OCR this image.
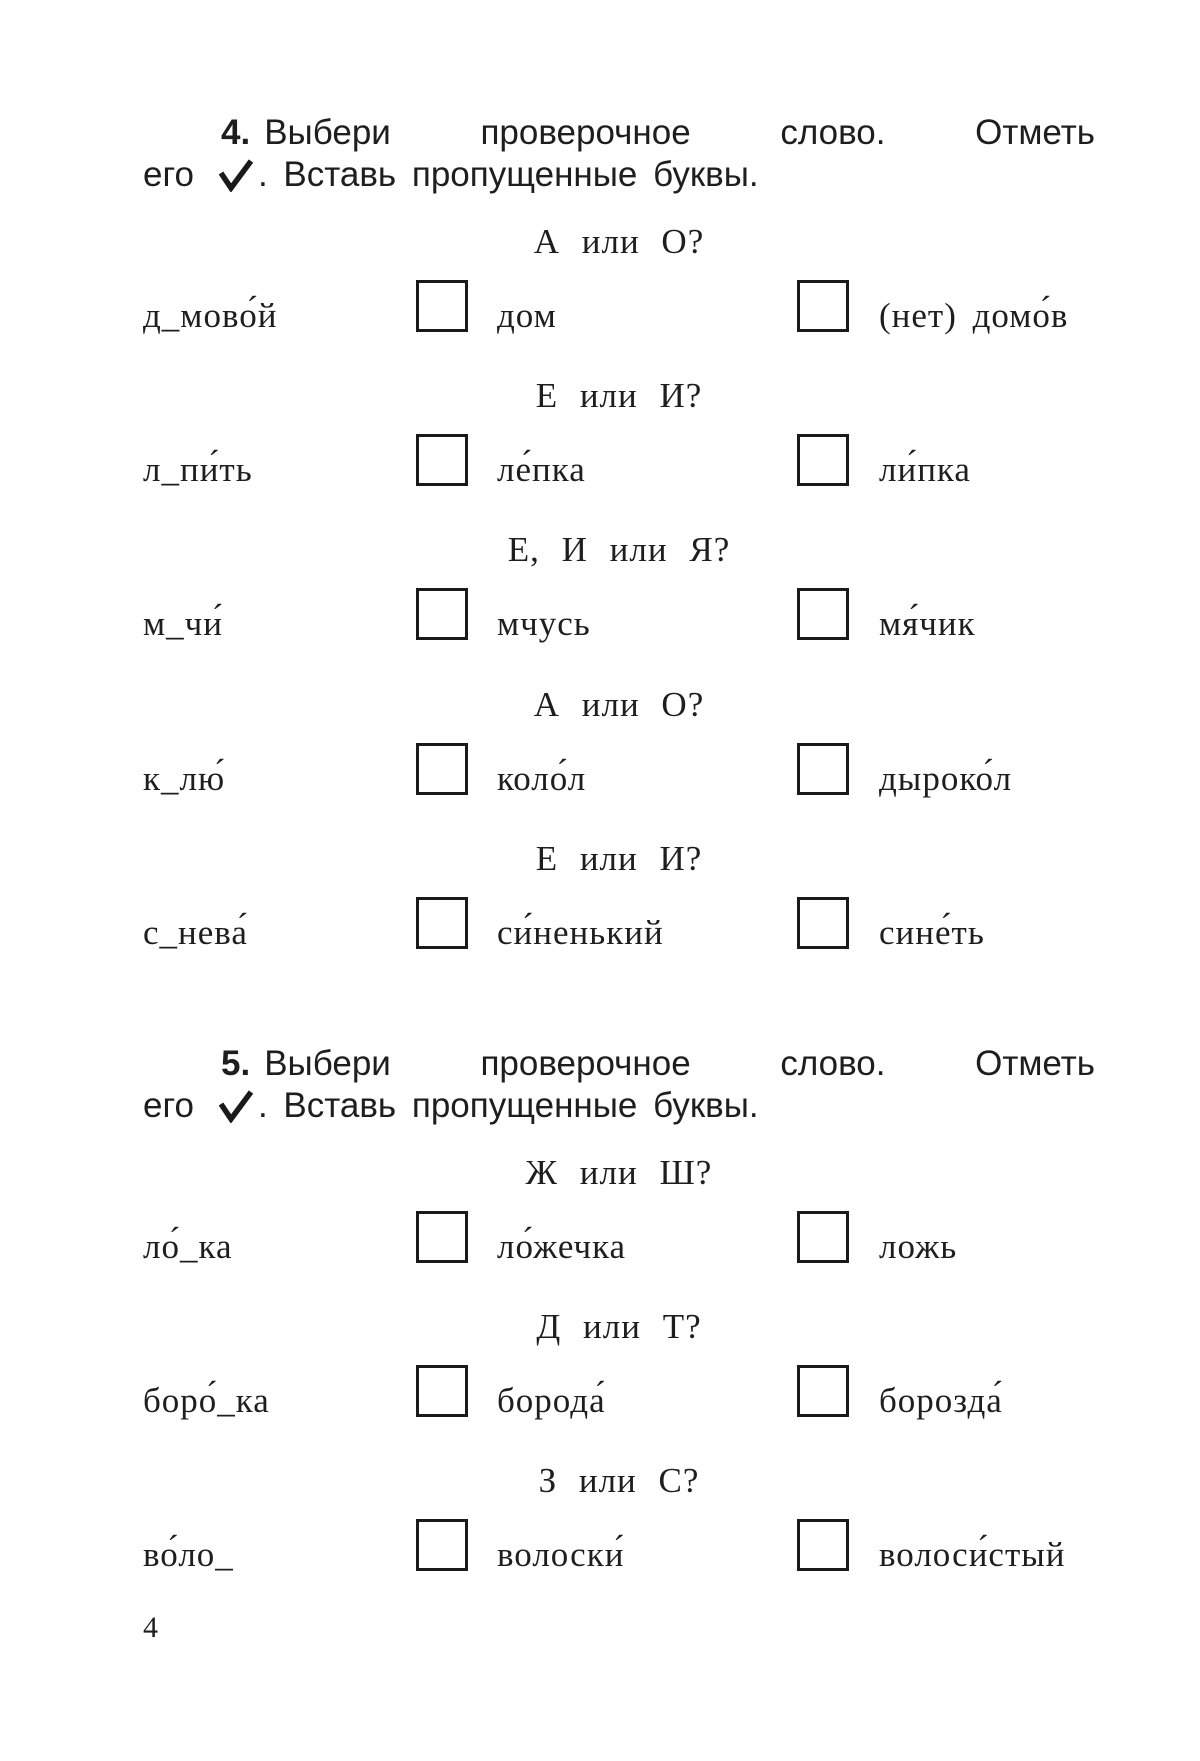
4. Выбери	проверочное	слово.	Отметь
его . Вставь пропущенные буквы.
А или О?
д_мово́й	дом	(нет) домо́в
Е или И?
л_пи́ть	ле́пка	ли́пка
Е, И или Я?
м_чи́	мчусь	мя́чик
А или О?
к_лю́	коло́л	дыроко́л
Е или И?
с_нева́	си́ненький	сине́ть
5. Выбери	проверочное	слово.	Отметь
его . Вставь пропущенные буквы.
Ж или Ш?
ло́_ка	ло́жечка	ложь
Д или Т?
боро́_ка	борода́	борозда́
З или С?
во́ло_	волоски́	волоси́стый
4
